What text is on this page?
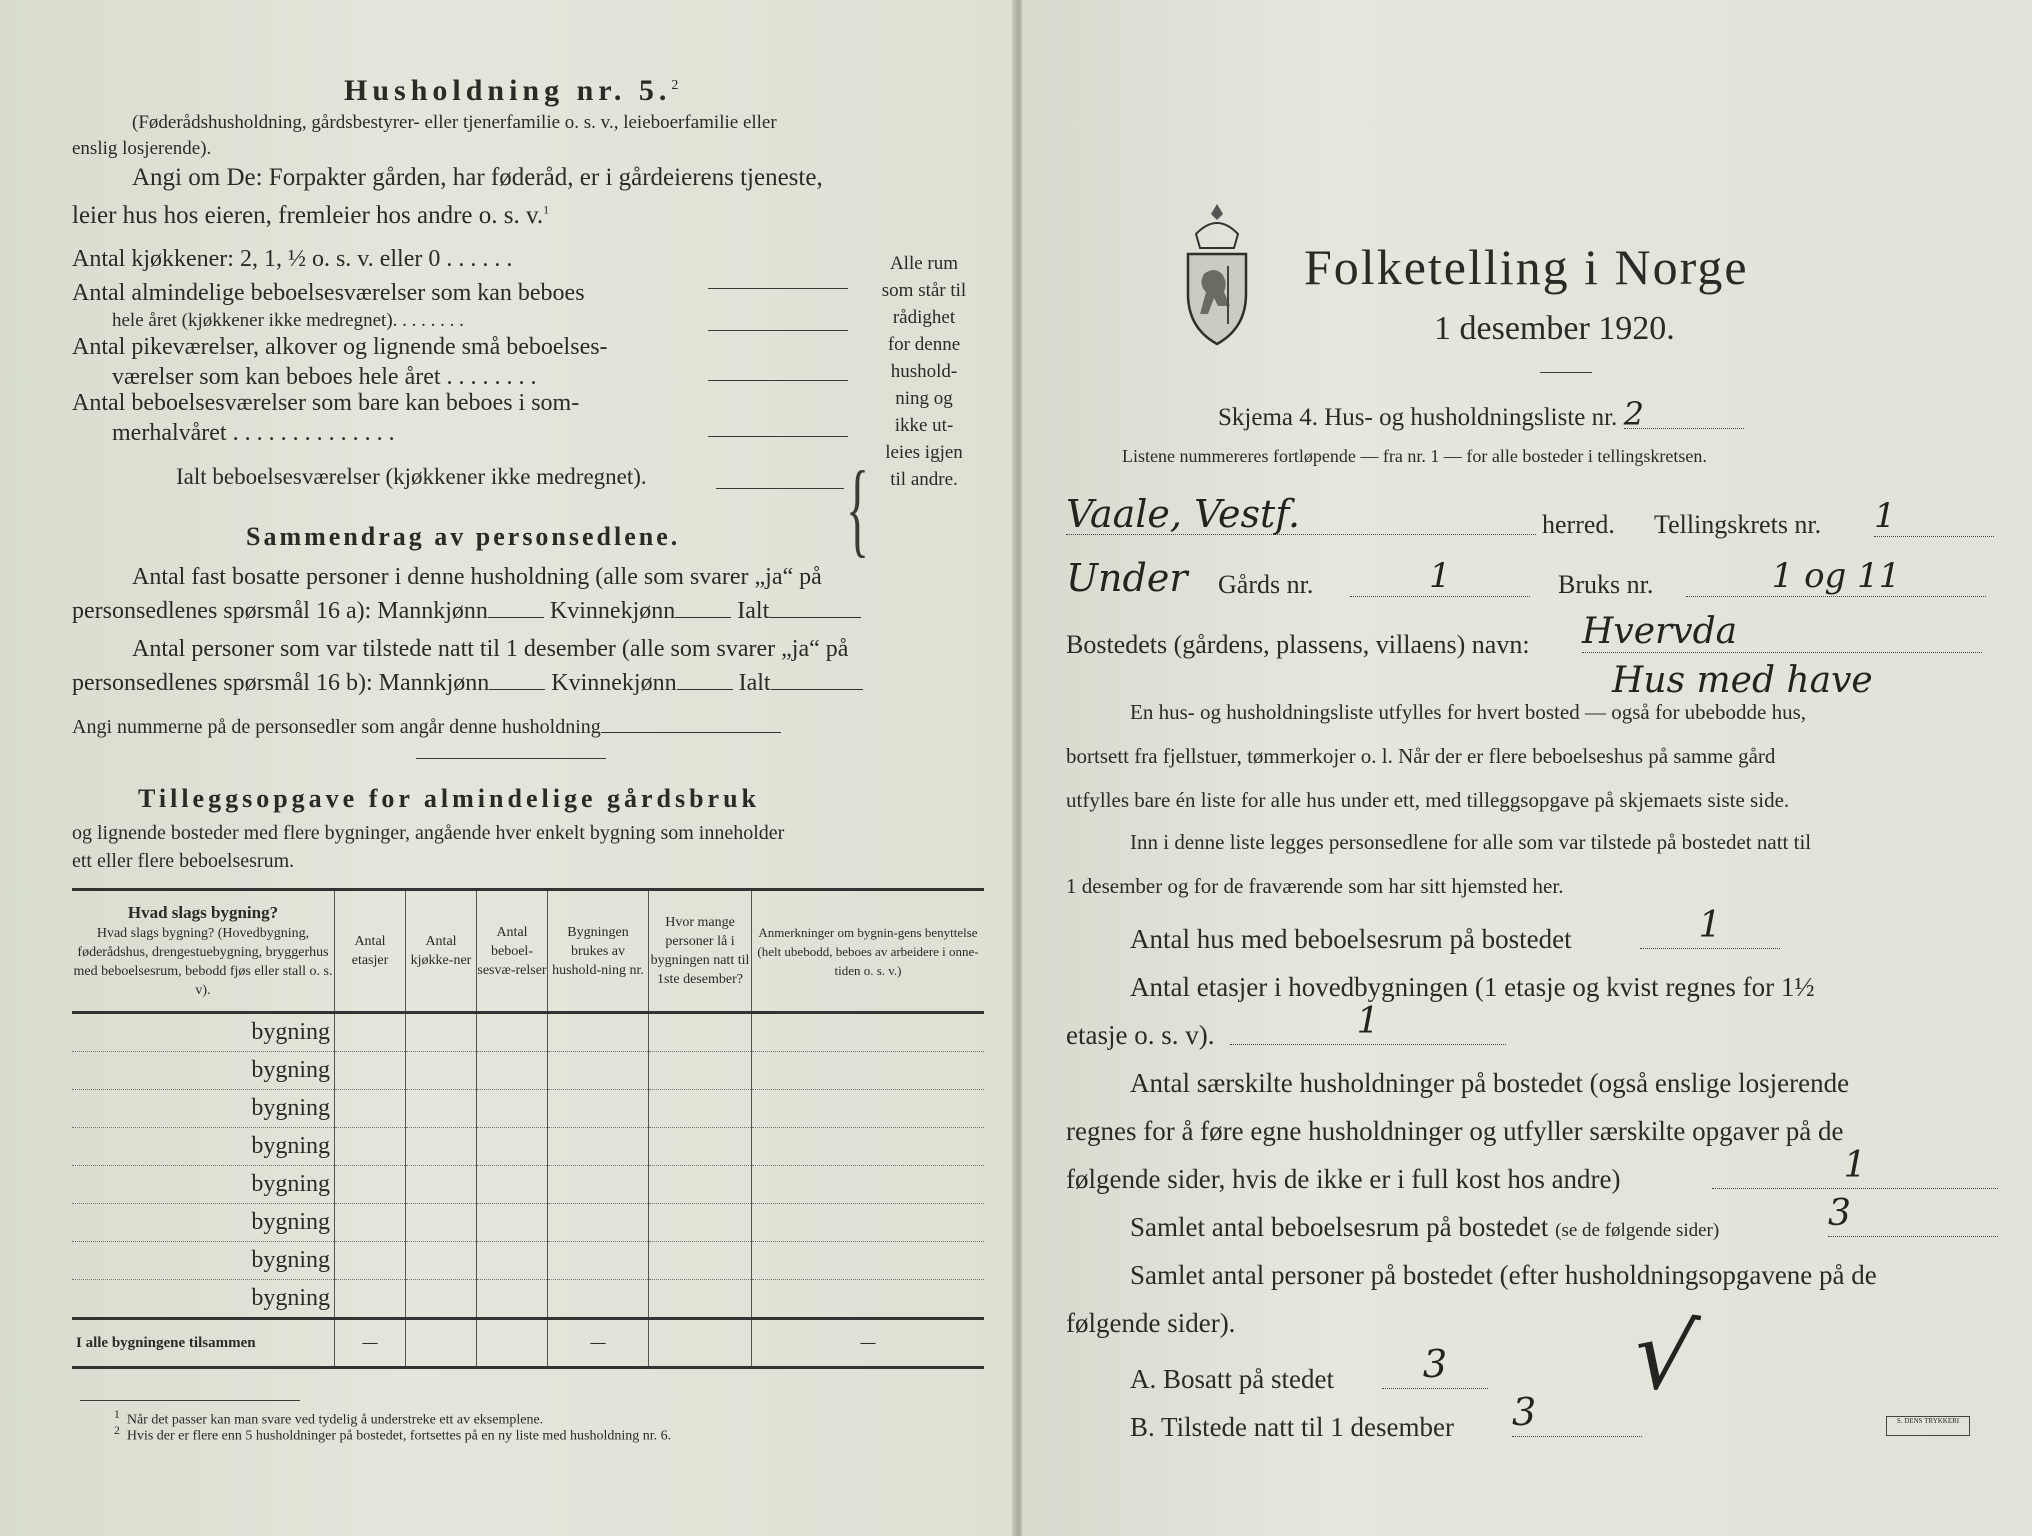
Husholdning nr. 5.$^2$
(Føderådshusholdning, gårdsbestyrer- eller tjenerfamilie o. s. v., leieboerfamilie eller
enslig losjerende).
Angi om De: Forpakter gården, har føderåd, er i gårdeierens tjeneste,
leier hus hos eieren, fremleier hos andre o. s. v.$^1$
Antal kjøkkener: 2, 1, ½ o. s. v. eller 0 . . . . . .
Antal almindelige beboelsesværelser som kan beboes
hele året (kjøkkener ikke medregnet). . . . . . . .
Antal pikeværelser, alkover og lignende små beboelses-
værelser som kan beboes hele året . . . . . . . .
Antal beboelsesværelser som bare kan beboes i som-
merhalvåret . . . . . . . . . . . . . .
Ialt beboelsesværelser (kjøkkener ikke medregnet).	{
Alle rum
som står til
rådighet
for denne
hushold-
ning og
ikke ut-
leies igjen
til andre.
Sammendrag av personsedlene.
Antal fast bosatte personer i denne husholdning (alle som svarer „ja“ på
personsedlenes spørsmål 16 a): Mannkjønn	Kvinnekjønn	Ialt
Antal personer som var tilstede natt til 1 desember (alle som svarer „ja“ på
personsedlenes spørsmål 16 b): Mannkjønn	Kvinnekjønn	Ialt
Angi nummerne på de personsedler som angår denne husholdning
Tilleggsopgave for almindelige gårdsbruk
og lignende bosteder med flere bygninger, angående hver enkelt bygning som inneholder
ett eller flere beboelsesrum.
Hvad slags bygning?
Hvad slags bygning? (Hovedbygning, føderådshus, drengestuebygning, bryggerhus med beboelsesrum, bebodd fjøs eller stall o. s. v).	Antal etasjer	Antal kjøkke-ner	Antal beboel-sesvæ-relser	Bygningen brukes av hushold-ning nr.	Hvor mange personer lå i bygningen natt til 1ste desember?	Anmerkninger om bygnin-gens benyttelse (helt ubebodd, beboes av arbeidere i onne-tiden o. s. v.)
bygning						
bygning						
bygning						
bygning						
bygning						
bygning						
bygning						
bygning						
I alle bygningene tilsammen	—			—		—
$^1$ Når det passer kan man svare ved tydelig å understreke ett av eksemplene.
$^2$ Hvis der er flere enn 5 husholdninger på bostedet, fortsettes på en ny liste med husholdning nr. 6.
Folketelling i Norge
1 desember 1920.
Skjema 4. Hus- og husholdningsliste nr. 2
Listene nummereres fortløpende — fra nr. 1 — for alle bosteder i tellingskretsen.
Vaale, Vestf.	herred. Tellingskrets nr. 1
Under Gårds nr.	1	Bruks nr.	1 og 11
Bostedets (gårdens, plassens, villaens) navn: Hvervda
Hus med have
En hus- og husholdningsliste utfylles for hvert bosted — også for ubebodde hus,
bortsett fra fjellstuer, tømmerkojer o. l. Når der er flere beboelseshus på samme gård
utfylles bare én liste for alle hus under ett, med tilleggsopgave på skjemaets siste side.
Inn i denne liste legges personsedlene for alle som var tilstede på bostedet natt til
1 desember og for de fraværende som har sitt hjemsted her.
Antal hus med beboelsesrum på bostedet	1
Antal etasjer i hovedbygningen (1 etasje og kvist regnes for 1½
etasje o. s. v).	1
Antal særskilte husholdninger på bostedet (også enslige losjerende
regnes for å føre egne husholdninger og utfyller særskilte opgaver på de
følgende sider, hvis de ikke er i full kost hos andre)	1
Samlet antal beboelsesrum på bostedet (se de følgende sider)	3
Samlet antal personer på bostedet (efter husholdningsopgavene på de
følgende sider).
A. Bosatt på stedet	3
B. Tilstede natt til 1 desember 3 √
S. DENS TRYKKERI
